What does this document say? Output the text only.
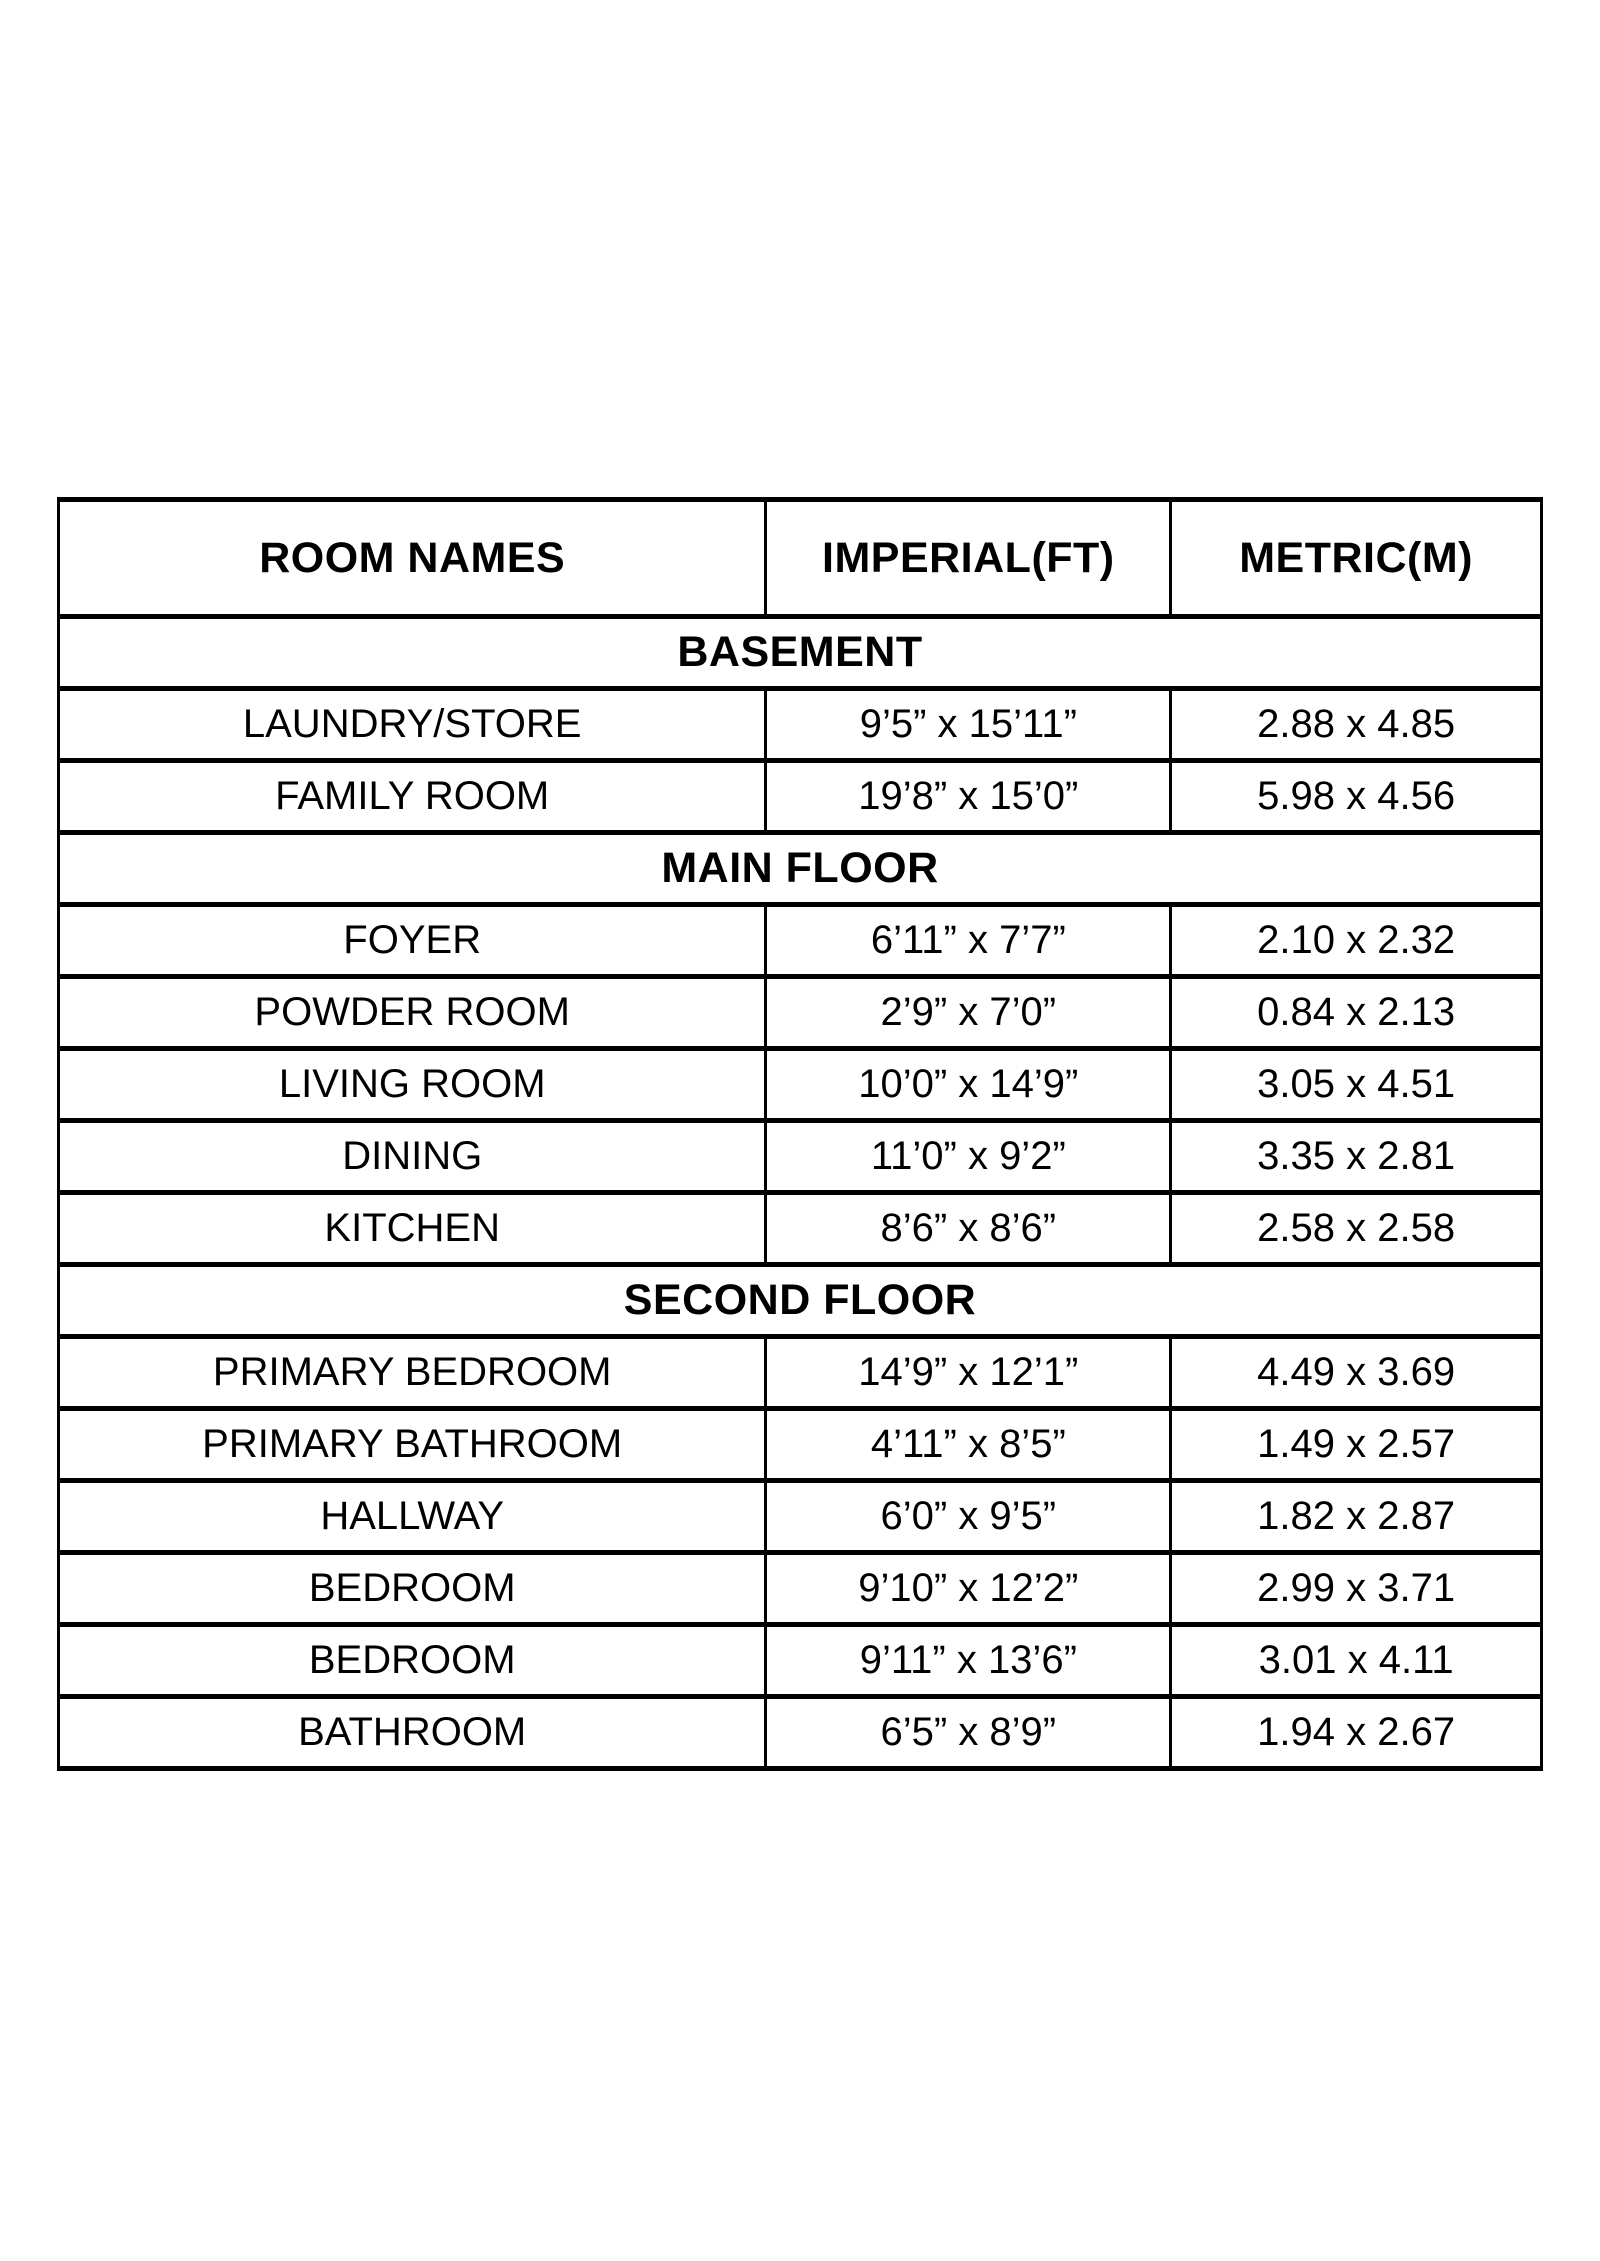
ROOM NAMES	IMPERIAL(FT)	METRIC(M)
BASEMENT		
LAUNDRY/STORE	9’5” x 15’11”	2.88 x 4.85
FAMILY ROOM	19’8” x 15’0”	5.98 x 4.56
MAIN FLOOR		
FOYER	6’11” x 7’7”	2.10 x 2.32
POWDER ROOM	2’9” x 7’0”	0.84 x 2.13
LIVING ROOM	10’0” x 14’9”	3.05 x 4.51
DINING	11’0” x 9’2”	3.35 x 2.81
KITCHEN	8’6” x 8’6”	2.58 x 2.58
SECOND FLOOR		
PRIMARY BEDROOM	14’9” x 12’1”	4.49 x 3.69
PRIMARY BATHROOM	4’11” x 8’5”	1.49 x 2.57
HALLWAY	6’0” x 9’5”	1.82 x 2.87
BEDROOM	9’10” x 12’2”	2.99 x 3.71
BEDROOM	9’11” x 13’6”	3.01 x 4.11
BATHROOM	6’5” x 8’9”	1.94 x 2.67
